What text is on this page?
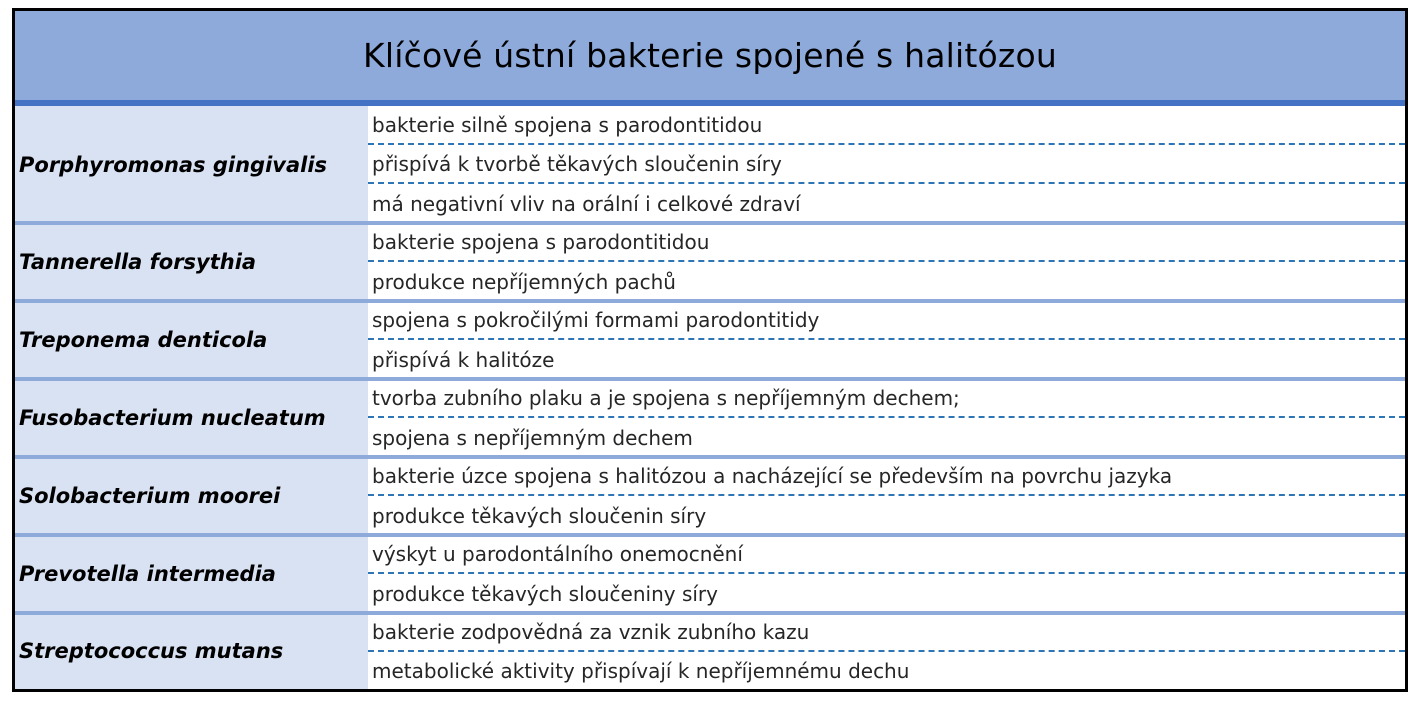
Klíčové ústní bakterie spojené s halitózou
Porphyromonas gingivalis
bakterie silně spojena s parodontitidou
přispívá k tvorbě těkavých sloučenin síry
má negativní vliv na orální i celkové zdraví
Tannerella forsythia
bakterie spojena s parodontitidou
produkce nepříjemných pachů
Treponema denticola
spojena s pokročilými formami parodontitidy
přispívá k halitóze
Fusobacterium nucleatum
tvorba zubního plaku a je spojena s nepříjemným dechem;
spojena s nepříjemným dechem
Solobacterium moorei
bakterie úzce spojena s halitózou a nacházející se především na povrchu jazyka
produkce těkavých sloučenin síry
Prevotella intermedia
výskyt u parodontálního onemocnění
produkce těkavých sloučeniny síry
Streptococcus mutans
bakterie zodpovědná za vznik zubního kazu
metabolické aktivity přispívají k nepříjemnému dechu
